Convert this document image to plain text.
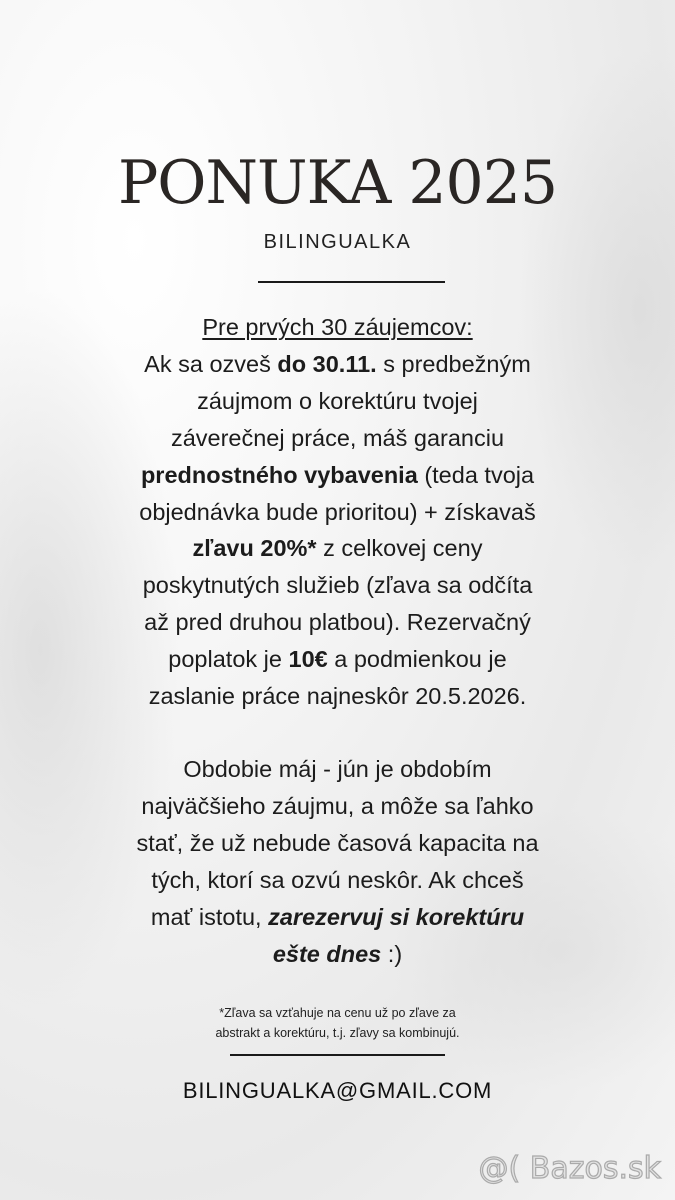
PONUKA 2025
BILINGUALKA
Pre prvých 30 záujemcov:
Ak sa ozveš do 30.11. s predbežným
záujmom o korektúru tvojej
záverečnej práce, máš garanciu
prednostného vybavenia (teda tvoja
objednávka bude prioritou) + získavaš
zľavu 20%* z celkovej ceny
poskytnutých služieb (zľava sa odčíta
až pred druhou platbou). Rezervačný
poplatok je 10€ a podmienkou je
zaslanie práce najneskôr 20.5.2026.
Obdobie máj - jún je obdobím
najväčšieho záujmu, a môže sa ľahko
stať, že už nebude časová kapacita na
tých, ktorí sa ozvú neskôr. Ak chceš
mať istotu, zarezervuj si korektúru
ešte dnes :)
*Zľava sa vzťahuje na cenu už po zľave za
abstrakt a korektúru, t.j. zľavy sa kombinujú.
BILINGUALKA@GMAIL.COM
@( Bazos.sk
